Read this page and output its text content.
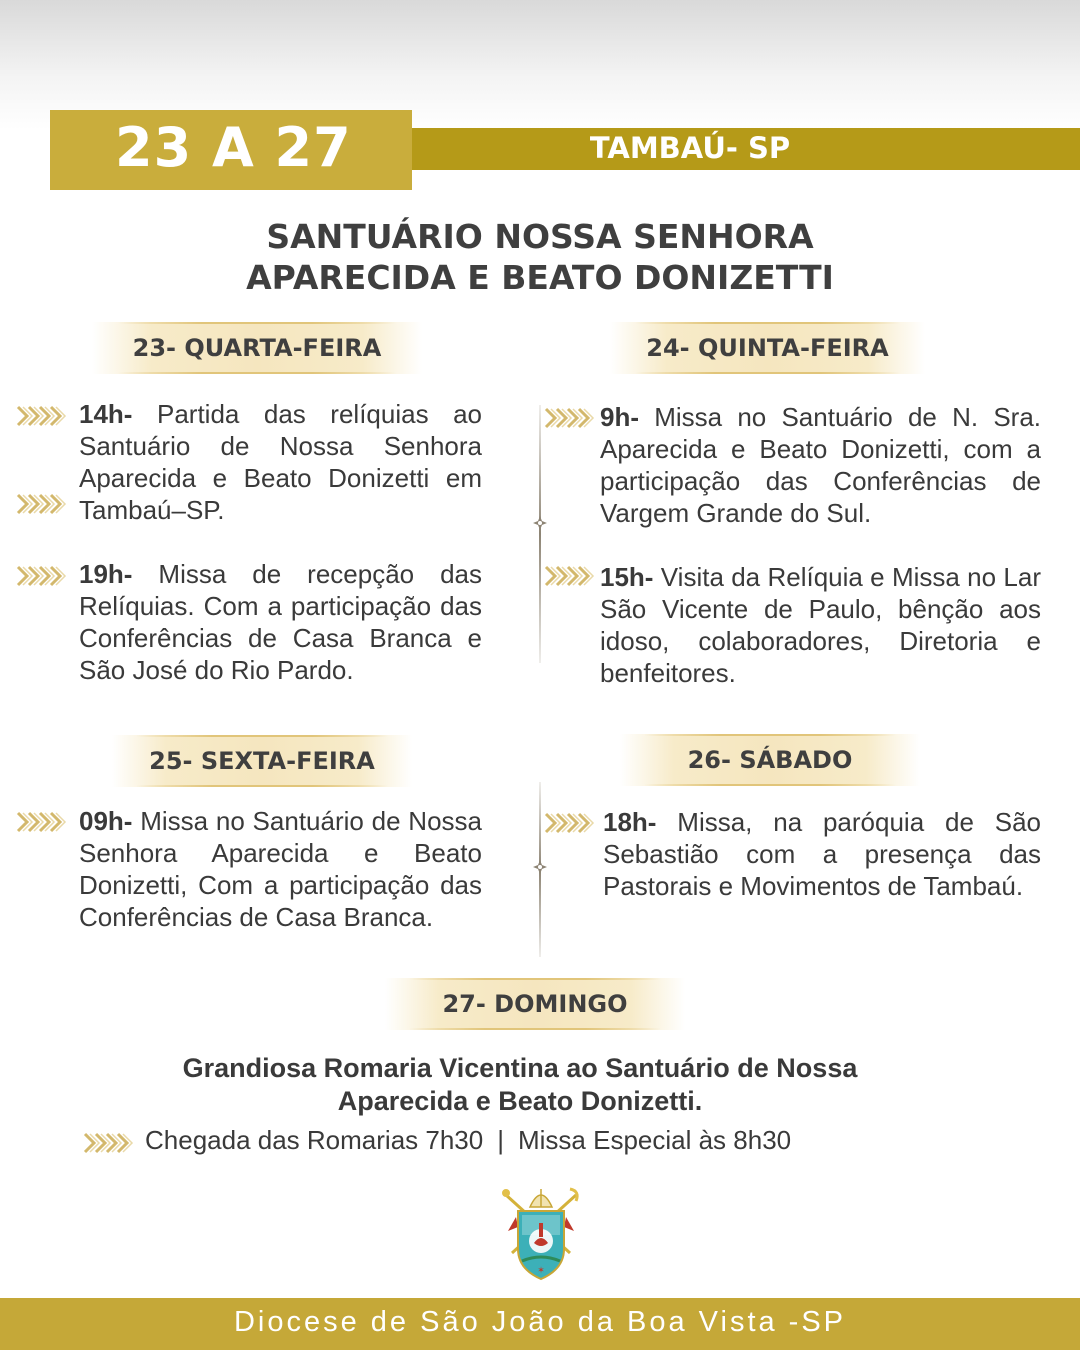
23 A 27	TAMBAÚ- SP
SANTUÁRIO NOSSA SENHORA
APARECIDA E BEATO DONIZETTI
23- QUARTA-FEIRA
14h- Partida das relíquias ao Santuário de Nossa Senhora Aparecida e Beato Donizetti em Tambaú–SP.
19h- Missa de recepção das Relíquias. Com a participação das Conferências de Casa Branca e São José do Rio Pardo.
24- QUINTA-FEIRA
9h- Missa no Santuário de N. Sra. Aparecida e Beato Donizetti, com a participação das Conferências de Vargem Grande do Sul.
15h- Visita da Relíquia e Missa no Lar São Vicente de Paulo, bênção aos idoso, colaboradores, Diretoria e benfeitores.
25- SEXTA-FEIRA
09h- Missa no Santuário de Nossa Senhora Aparecida e Beato Donizetti, Com a participação das Conferências de Casa Branca.
26- SÁBADO
18h- Missa, na paróquia de São Sebastião com a presença das Pastorais e Movimentos de Tambaú.
27- DOMINGO
Grandiosa Romaria Vicentina ao Santuário de Nossa
Aparecida e Beato Donizetti.
Chegada das Romarias 7h30 | Missa Especial às 8h30
✶
Diocese de São João da Boa Vista -SP
